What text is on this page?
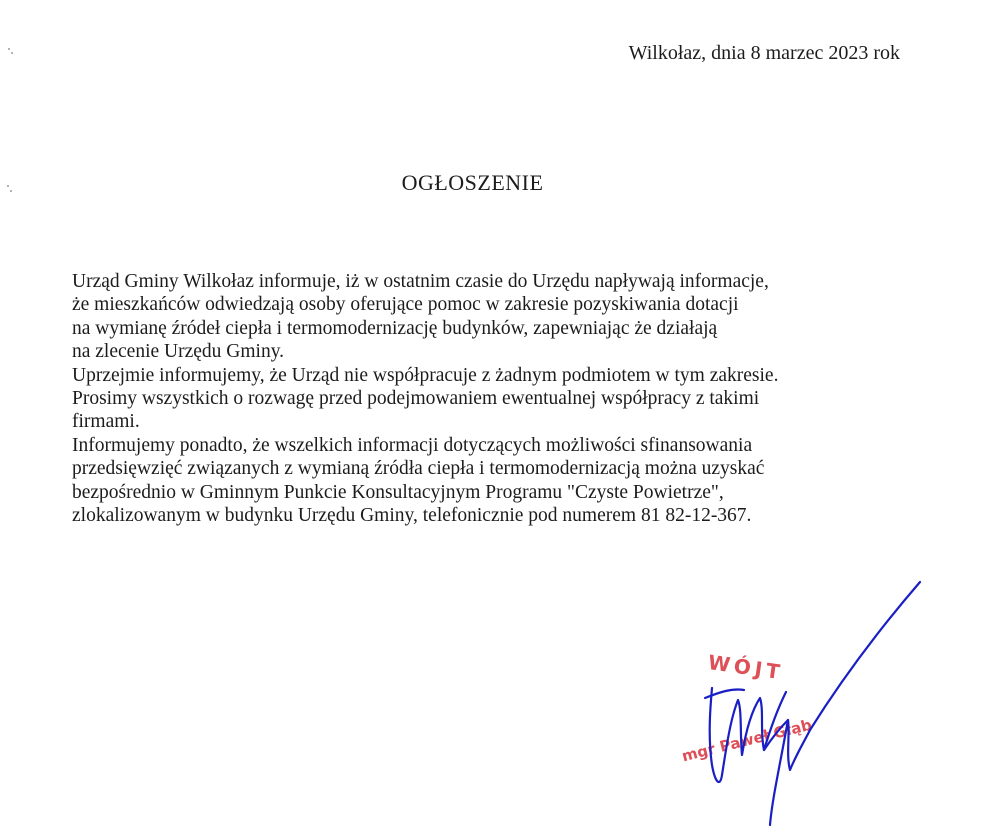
Wilkołaz, dnia 8 marzec 2023 rok
OGŁOSZENIE
Urząd Gminy Wilkołaz informuje, iż w ostatnim czasie do Urzędu napływają informacje,
że mieszkańców odwiedzają osoby oferujące pomoc w zakresie pozyskiwania dotacji
na wymianę źródeł ciepła i termomodernizację budynków, zapewniając że działają
na zlecenie Urzędu Gminy.
Uprzejmie informujemy, że Urząd nie współpracuje z żadnym podmiotem w tym zakresie.
Prosimy wszystkich o rozwagę przed podejmowaniem ewentualnej współpracy z takimi
firmami.
Informujemy ponadto, że wszelkich informacji dotyczących możliwości sfinansowania
przedsięwzięć związanych z wymianą źródła ciepła i termomodernizacją można uzyskać
bezpośrednio w Gminnym Punkcie Konsultacyjnym Programu "Czyste Powietrze",
zlokalizowanym w budynku Urzędu Gminy, telefonicznie pod numerem 81 82-12-367.
WÓJT
mgr Paweł Głąb
